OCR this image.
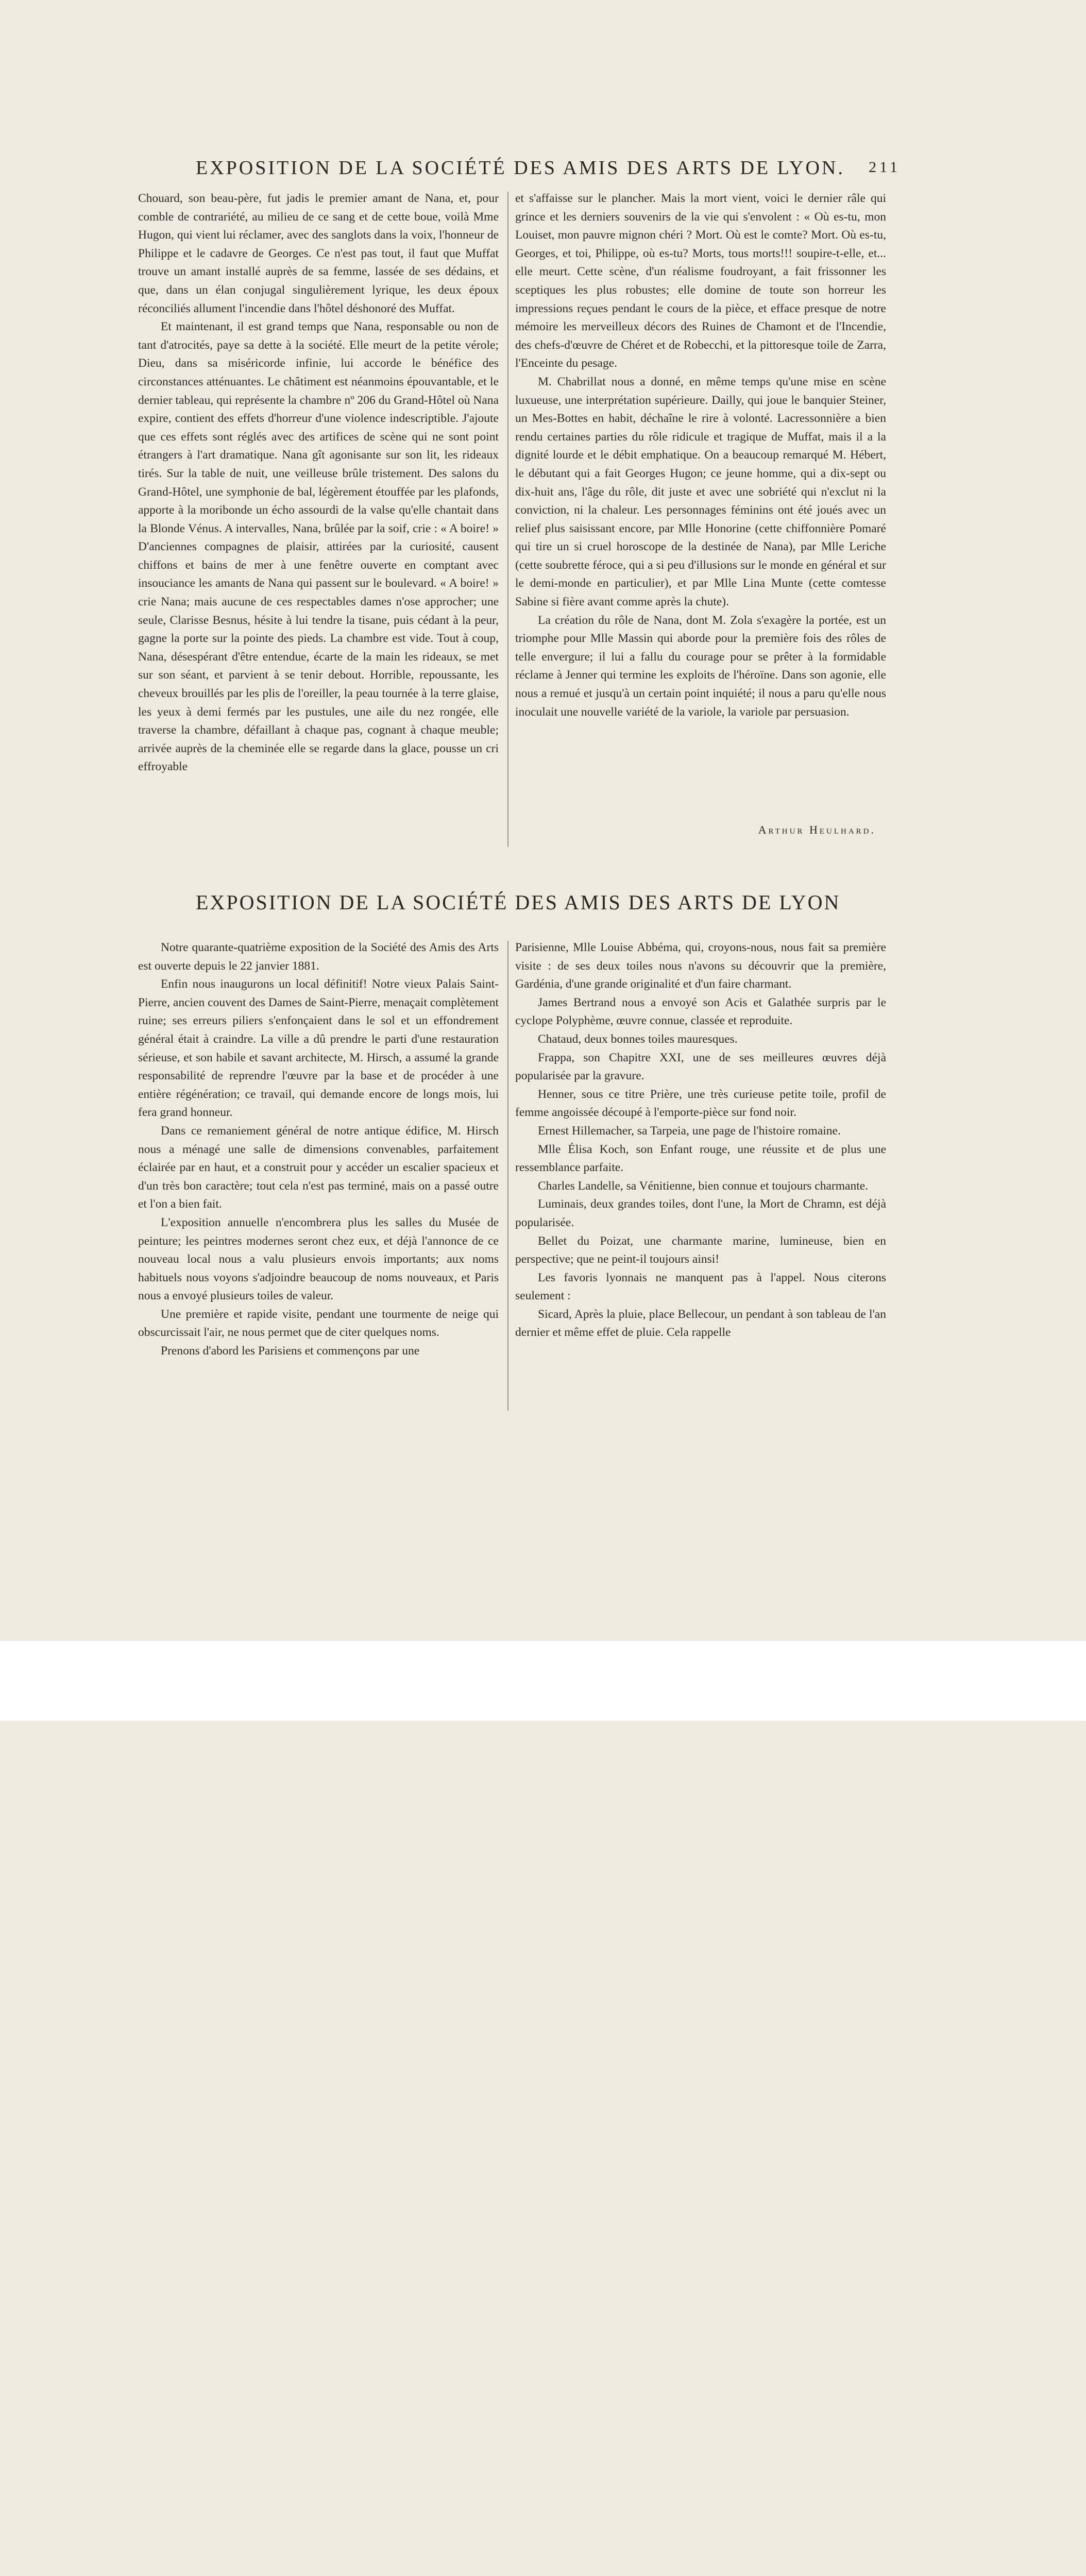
EXPOSITION DE LA SOCIÉTÉ DES AMIS DES ARTS DE LYON.	211

Chouard, son beau-père, fut jadis le premier amant de Nana, et, pour comble de contrariété, au milieu de ce sang et de cette boue, voilà Mme Hugon, qui vient lui réclamer, avec des sanglots dans la voix, l'honneur de Philippe et le cadavre de Georges. Ce n'est pas tout, il faut que Muffat trouve un amant installé auprès de sa femme, lassée de ses dédains, et que, dans un élan conjugal singulièrement lyrique, les deux époux réconciliés allument l'incendie dans l'hôtel déshonoré des Muffat.

Et maintenant, il est grand temps que Nana, responsable ou non de tant d'atrocités, paye sa dette à la société. Elle meurt de la petite vérole; Dieu, dans sa miséricorde infinie, lui accorde le bénéfice des circonstances atténuantes. Le châtiment est néanmoins épouvantable, et le dernier tableau, qui représente la chambre nº 206 du Grand-Hôtel où Nana expire, contient des effets d'horreur d'une violence indescriptible. J'ajoute que ces effets sont réglés avec des artifices de scène qui ne sont point étrangers à l'art dramatique. Nana gît agonisante sur son lit, les rideaux tirés. Sur la table de nuit, une veilleuse brûle tristement. Des salons du Grand-Hôtel, une symphonie de bal, légèrement étouffée par les plafonds, apporte à la moribonde un écho assourdi de la valse qu'elle chantait dans la Blonde Vénus. A intervalles, Nana, brûlée par la soif, crie : « A boire! » D'anciennes compagnes de plaisir, attirées par la curiosité, causent chiffons et bains de mer à une fenêtre ouverte en comptant avec insouciance les amants de Nana qui passent sur le boulevard. « A boire! » crie Nana; mais aucune de ces respectables dames n'ose approcher; une seule, Clarisse Besnus, hésite à lui tendre la tisane, puis cédant à la peur, gagne la porte sur la pointe des pieds. La chambre est vide. Tout à coup, Nana, désespérant d'être entendue, écarte de la main les rideaux, se met sur son séant, et parvient à se tenir debout. Horrible, repoussante, les cheveux brouillés par les plis de l'oreiller, la peau tournée à la terre glaise, les yeux à demi fermés par les pustules, une aile du nez rongée, elle traverse la chambre, défaillant à chaque pas, cognant à chaque meuble; arrivée auprès de la cheminée elle se regarde dans la glace, pousse un cri effroyable

et s'affaisse sur le plancher. Mais la mort vient, voici le dernier râle qui grince et les derniers souvenirs de la vie qui s'envolent : « Où es-tu, mon Louiset, mon pauvre mignon chéri ? Mort. Où est le comte? Mort. Où es-tu, Georges, et toi, Philippe, où es-tu? Morts, tous morts!!! soupire-t-elle, et... elle meurt. Cette scène, d'un réalisme foudroyant, a fait frissonner les sceptiques les plus robustes; elle domine de toute son horreur les impressions reçues pendant le cours de la pièce, et efface presque de notre mémoire les merveilleux décors des Ruines de Chamont et de l'Incendie, des chefs-d'œuvre de Chéret et de Robecchi, et la pittoresque toile de Zarra, l'Enceinte du pesage.

M. Chabrillat nous a donné, en même temps qu'une mise en scène luxueuse, une interprétation supérieure. Dailly, qui joue le banquier Steiner, un Mes-Bottes en habit, déchaîne le rire à volonté. Lacressonnière a bien rendu certaines parties du rôle ridicule et tragique de Muffat, mais il a la dignité lourde et le débit emphatique. On a beaucoup remarqué M. Hébert, le débutant qui a fait Georges Hugon; ce jeune homme, qui a dix-sept ou dix-huit ans, l'âge du rôle, dit juste et avec une sobriété qui n'exclut ni la conviction, ni la chaleur. Les personnages féminins ont été joués avec un relief plus saisissant encore, par Mlle Honorine (cette chiffonnière Pomaré qui tire un si cruel horoscope de la destinée de Nana), par Mlle Leriche (cette soubrette féroce, qui a si peu d'illusions sur le monde en général et sur le demi-monde en particulier), et par Mlle Lina Munte (cette comtesse Sabine si fière avant comme après la chute).

La création du rôle de Nana, dont M. Zola s'exagère la portée, est un triomphe pour Mlle Massin qui aborde pour la première fois des rôles de telle envergure; il lui a fallu du courage pour se prêter à la formidable réclame à Jenner qui termine les exploits de l'héroïne. Dans son agonie, elle nous a remué et jusqu'à un certain point inquiété; il nous a paru qu'elle nous inoculait une nouvelle variété de la variole, la variole par persuasion.

Arthur Heulhard.
EXPOSITION DE LA SOCIÉTÉ DES AMIS DES ARTS DE LYON

Notre quarante-quatrième exposition de la Société des Amis des Arts est ouverte depuis le 22 janvier 1881.

Enfin nous inaugurons un local définitif! Notre vieux Palais Saint-Pierre, ancien couvent des Dames de Saint-Pierre, menaçait complètement ruine; ses erreurs piliers s'enfonçaient dans le sol et un effondrement général était à craindre. La ville a dû prendre le parti d'une restauration sérieuse, et son habile et savant architecte, M. Hirsch, a assumé la grande responsabilité de reprendre l'œuvre par la base et de procéder à une entière régénération; ce travail, qui demande encore de longs mois, lui fera grand honneur.

Dans ce remaniement général de notre antique édifice, M. Hirsch nous a ménagé une salle de dimensions convenables, parfaitement éclairée par en haut, et a construit pour y accéder un escalier spacieux et d'un très bon caractère; tout cela n'est pas terminé, mais on a passé outre et l'on a bien fait.

L'exposition annuelle n'encombrera plus les salles du Musée de peinture; les peintres modernes seront chez eux, et déjà l'annonce de ce nouveau local nous a valu plusieurs envois importants; aux noms habituels nous voyons s'adjoindre beaucoup de noms nouveaux, et Paris nous a envoyé plusieurs toiles de valeur.

Une première et rapide visite, pendant une tourmente de neige qui obscurcissait l'air, ne nous permet que de citer quelques noms.

Prenons d'abord les Parisiens et commençons par une

Parisienne, Mlle Louise Abbéma, qui, croyons-nous, nous fait sa première visite : de ses deux toiles nous n'avons su découvrir que la première, Gardénia, d'une grande originalité et d'un faire charmant.

James Bertrand nous a envoyé son Acis et Galathée surpris par le cyclope Polyphème, œuvre connue, classée et reproduite.

Chataud, deux bonnes toiles mauresques.

Frappa, son Chapitre XXI, une de ses meilleures œuvres déjà popularisée par la gravure.

Henner, sous ce titre Prière, une très curieuse petite toile, profil de femme angoissée découpé à l'emporte-pièce sur fond noir.

Ernest Hillemacher, sa Tarpeia, une page de l'histoire romaine.

Mlle Élisa Koch, son Enfant rouge, une réussite et de plus une ressemblance parfaite.

Charles Landelle, sa Vénitienne, bien connue et toujours charmante.

Luminais, deux grandes toiles, dont l'une, la Mort de Chramn, est déjà popularisée.

Bellet du Poizat, une charmante marine, lumineuse, bien en perspective; que ne peint-il toujours ainsi!

Les favoris lyonnais ne manquent pas à l'appel. Nous citerons seulement :

Sicard, Après la pluie, place Bellecour, un pendant à son tableau de l'an dernier et même effet de pluie. Cela rappelle
